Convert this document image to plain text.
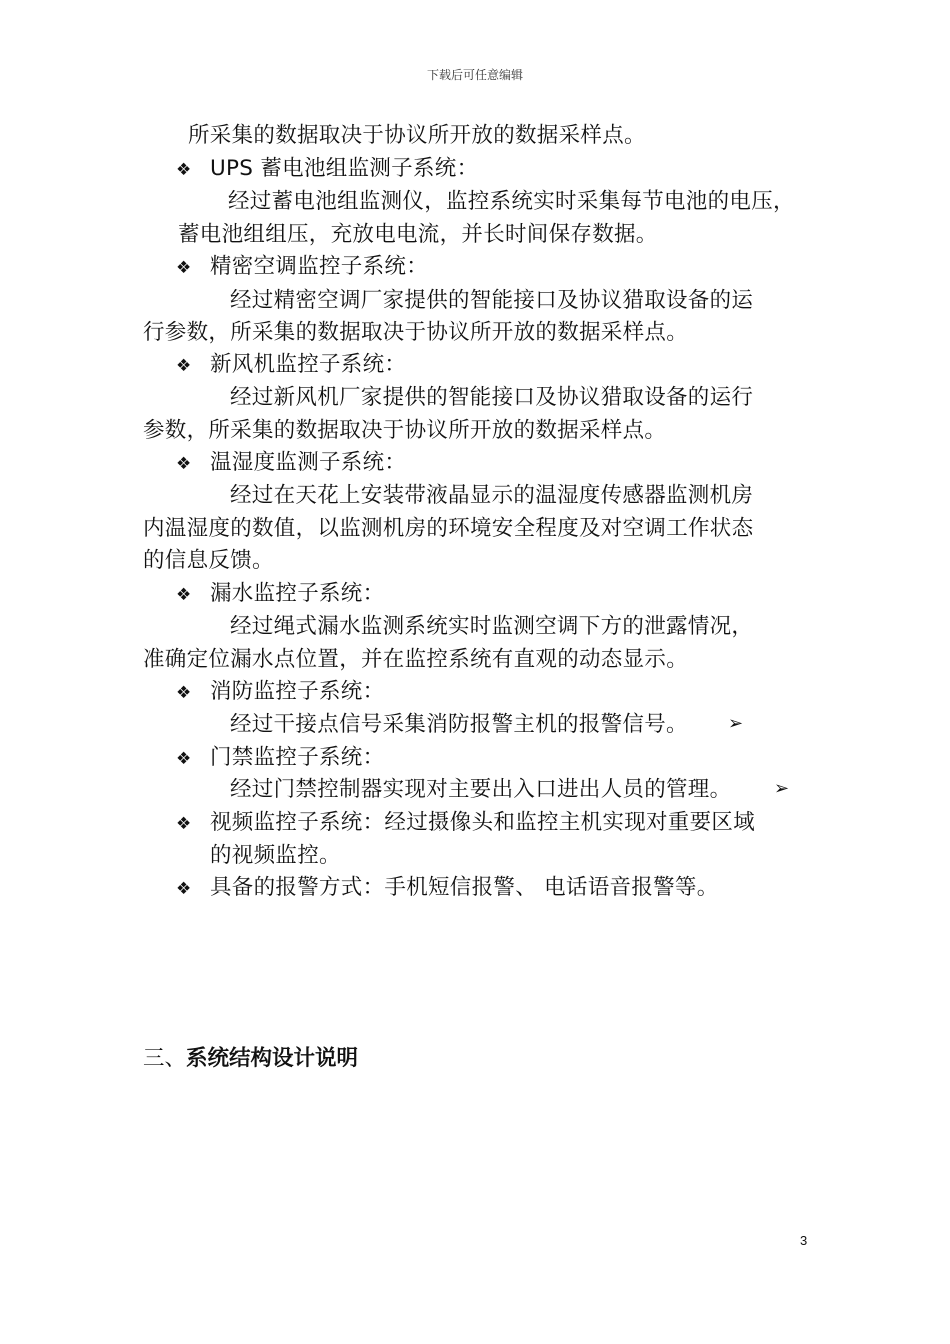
下载后可任意编辑
所采集的数据取决于协议所开放的数据采样点。
❖ UPS 蓄电池组监测子系统：
经过蓄电池组监测仪，监控系统实时采集每节电池的电压，
蓄电池组组压，充放电电流，并长时间保存数据。
❖ 精密空调监控子系统：
经过精密空调厂家提供的智能接口及协议猎取设备的运
行参数，所采集的数据取决于协议所开放的数据采样点。
❖ 新风机监控子系统：
经过新风机厂家提供的智能接口及协议猎取设备的运行
参数，所采集的数据取决于协议所开放的数据采样点。
❖ 温湿度监测子系统：
经过在天花上安装带液晶显示的温湿度传感器监测机房
内温湿度的数值，以监测机房的环境安全程度及对空调工作状态
的信息反馈。
❖ 漏水监控子系统：
经过绳式漏水监测系统实时监测空调下方的泄露情况，
准确定位漏水点位置，并在监控系统有直观的动态显示。
❖ 消防监控子系统：
经过干接点信号采集消防报警主机的报警信号。 ➢
❖ 门禁监控子系统：
经过门禁控制器实现对主要出入口进出人员的管理。 ➢
❖ 视频监控子系统：经过摄像头和监控主机实现对重要区域
的视频监控。
❖ 具备的报警方式：手机短信报警、 电话语音报警等。
三、系统结构设计说明
3
